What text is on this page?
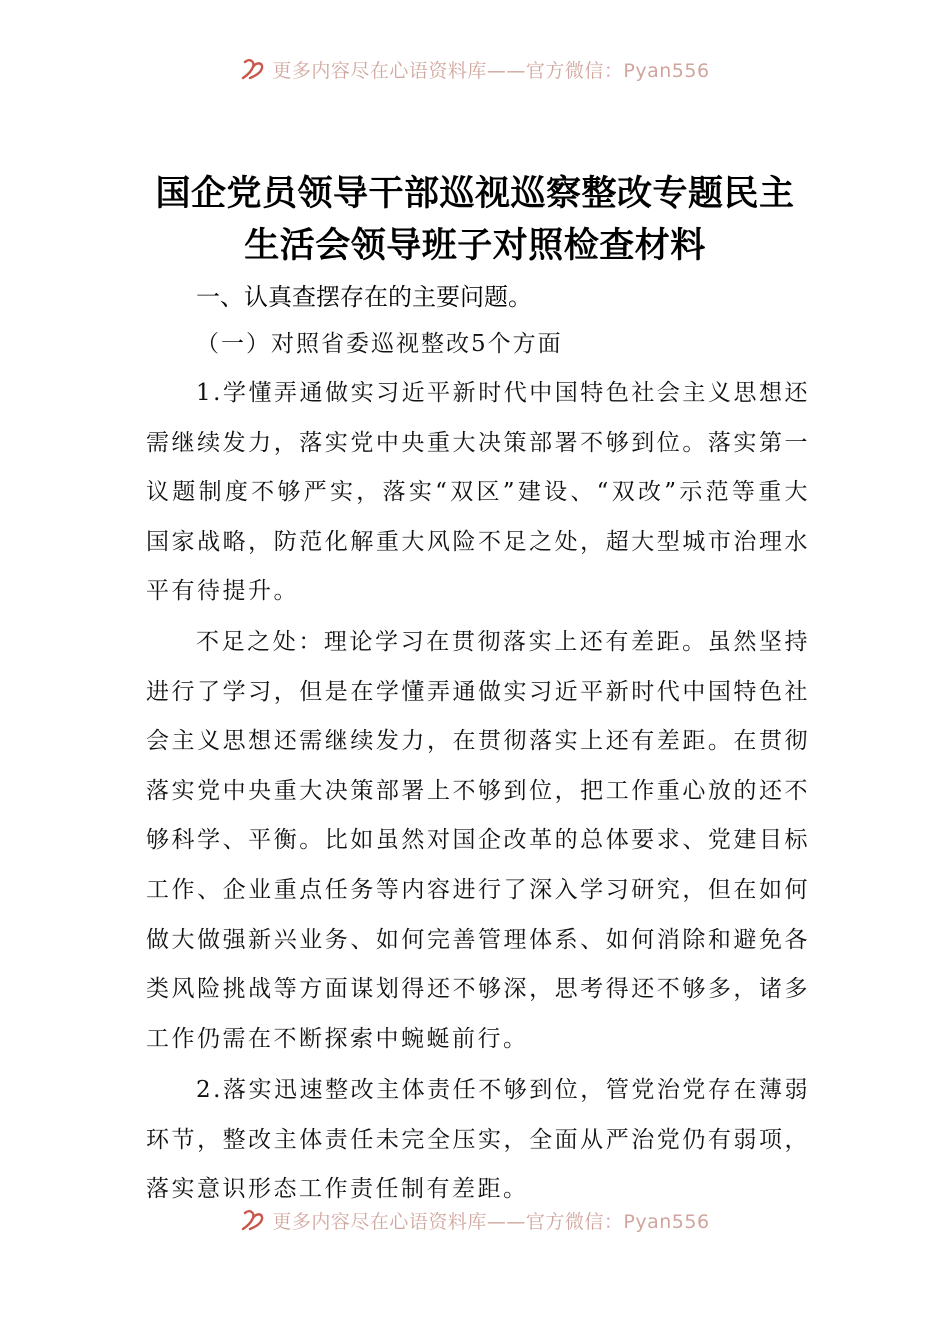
更多内容尽在心语资料库——官方微信：Pyan556
国企党员领导干部巡视巡察整改专题民主
生活会领导班子对照检查材料
一、认真查摆存在的主要问题。
（一）对照省委巡视整改5个方面
1.学懂弄通做实习近平新时代中国特色社会主义思想还需继续发力，落实党中央重大决策部署不够到位。落实第一议题制度不够严实，落实“双区”建设、“双改”示范等重大国家战略，防范化解重大风险不足之处，超大型城市治理水平有待提升。
不足之处：理论学习在贯彻落实上还有差距。虽然坚持进行了学习，但是在学懂弄通做实习近平新时代中国特色社会主义思想还需继续发力，在贯彻落实上还有差距。在贯彻落实党中央重大决策部署上不够到位，把工作重心放的还不够科学、平衡。比如虽然对国企改革的总体要求、党建目标工作、企业重点任务等内容进行了深入学习研究，但在如何做大做强新兴业务、如何完善管理体系、如何消除和避免各类风险挑战等方面谋划得还不够深，思考得还不够多，诸多工作仍需在不断探索中蜿蜒前行。
2.落实迅速整改主体责任不够到位，管党治党存在薄弱环节，整改主体责任未完全压实，全面从严治党仍有弱项，落实意识形态工作责任制有差距。
更多内容尽在心语资料库——官方微信：Pyan556
